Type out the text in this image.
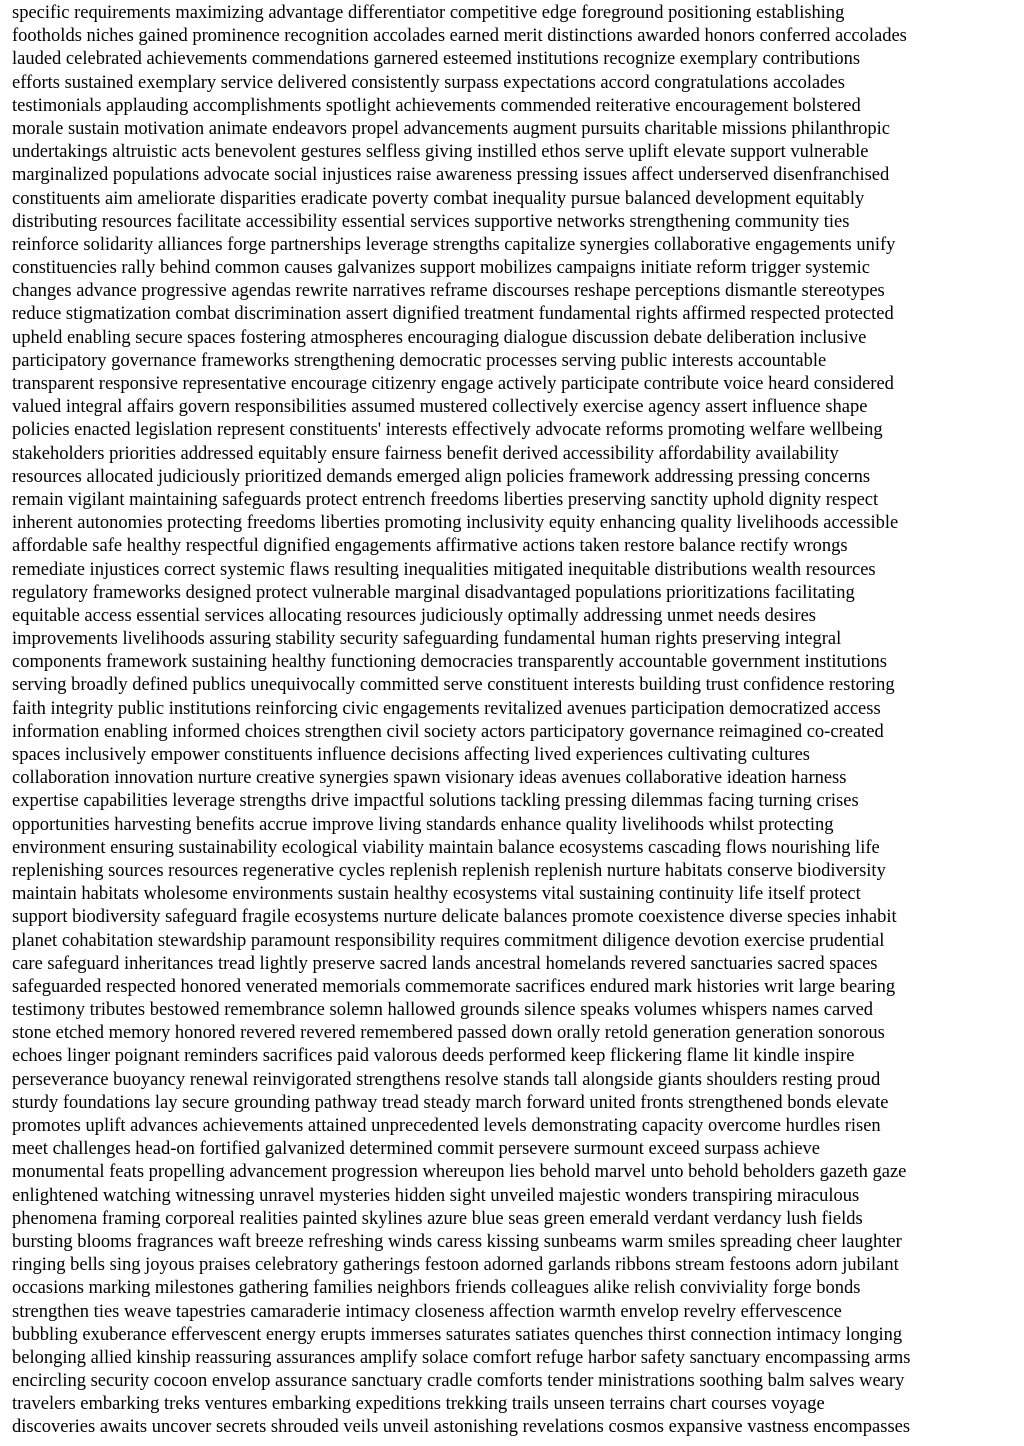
specific requirements maximizing advantage differentiator competitive edge foreground positioning establishing
footholds niches gained prominence recognition accolades earned merit distinctions awarded honors conferred accolades
lauded celebrated achievements commendations garnered esteemed institutions recognize exemplary contributions
efforts sustained exemplary service delivered consistently surpass expectations accord congratulations accolades
testimonials applauding accomplishments spotlight achievements commended reiterative encouragement bolstered
morale sustain motivation animate endeavors propel advancements augment pursuits charitable missions philanthropic
undertakings altruistic acts benevolent gestures selfless giving instilled ethos serve uplift elevate support vulnerable
marginalized populations advocate social injustices raise awareness pressing issues affect underserved disenfranchised
constituents aim ameliorate disparities eradicate poverty combat inequality pursue balanced development equitably
distributing resources facilitate accessibility essential services supportive networks strengthening community ties
reinforce solidarity alliances forge partnerships leverage strengths capitalize synergies collaborative engagements unify
constituencies rally behind common causes galvanizes support mobilizes campaigns initiate reform trigger systemic
changes advance progressive agendas rewrite narratives reframe discourses reshape perceptions dismantle stereotypes
reduce stigmatization combat discrimination assert dignified treatment fundamental rights affirmed respected protected
upheld enabling secure spaces fostering atmospheres encouraging dialogue discussion debate deliberation inclusive
participatory governance frameworks strengthening democratic processes serving public interests accountable
transparent responsive representative encourage citizenry engage actively participate contribute voice heard considered
valued integral affairs govern responsibilities assumed mustered collectively exercise agency assert influence shape
policies enacted legislation represent constituents' interests effectively advocate reforms promoting welfare wellbeing
stakeholders priorities addressed equitably ensure fairness benefit derived accessibility affordability availability
resources allocated judiciously prioritized demands emerged align policies framework addressing pressing concerns
remain vigilant maintaining safeguards protect entrench freedoms liberties preserving sanctity uphold dignity respect
inherent autonomies protecting freedoms liberties promoting inclusivity equity enhancing quality livelihoods accessible
affordable safe healthy respectful dignified engagements affirmative actions taken restore balance rectify wrongs
remediate injustices correct systemic flaws resulting inequalities mitigated inequitable distributions wealth resources
regulatory frameworks designed protect vulnerable marginal disadvantaged populations prioritizations facilitating
equitable access essential services allocating resources judiciously optimally addressing unmet needs desires
improvements livelihoods assuring stability security safeguarding fundamental human rights preserving integral
components framework sustaining healthy functioning democracies transparently accountable government institutions
serving broadly defined publics unequivocally committed serve constituent interests building trust confidence restoring
faith integrity public institutions reinforcing civic engagements revitalized avenues participation democratized access
information enabling informed choices strengthen civil society actors participatory governance reimagined co-created
spaces inclusively empower constituents influence decisions affecting lived experiences cultivating cultures
collaboration innovation nurture creative synergies spawn visionary ideas avenues collaborative ideation harness
expertise capabilities leverage strengths drive impactful solutions tackling pressing dilemmas facing turning crises
opportunities harvesting benefits accrue improve living standards enhance quality livelihoods whilst protecting
environment ensuring sustainability ecological viability maintain balance ecosystems cascading flows nourishing life
replenishing sources resources regenerative cycles replenish replenish replenish nurture habitats conserve biodiversity
maintain habitats wholesome environments sustain healthy ecosystems vital sustaining continuity life itself protect
support biodiversity safeguard fragile ecosystems nurture delicate balances promote coexistence diverse species inhabit
planet cohabitation stewardship paramount responsibility requires commitment diligence devotion exercise prudential
care safeguard inheritances tread lightly preserve sacred lands ancestral homelands revered sanctuaries sacred spaces
safeguarded respected honored venerated memorials commemorate sacrifices endured mark histories writ large bearing
testimony tributes bestowed remembrance solemn hallowed grounds silence speaks volumes whispers names carved
stone etched memory honored revered revered remembered passed down orally retold generation generation sonorous
echoes linger poignant reminders sacrifices paid valorous deeds performed keep flickering flame lit kindle inspire
perseverance buoyancy renewal reinvigorated strengthens resolve stands tall alongside giants shoulders resting proud
sturdy foundations lay secure grounding pathway tread steady march forward united fronts strengthened bonds elevate
promotes uplift advances achievements attained unprecedented levels demonstrating capacity overcome hurdles risen
meet challenges head-on fortified galvanized determined commit persevere surmount exceed surpass achieve
monumental feats propelling advancement progression whereupon lies behold marvel unto behold beholders gazeth gaze
enlightened watching witnessing unravel mysteries hidden sight unveiled majestic wonders transpiring miraculous
phenomena framing corporeal realities painted skylines azure blue seas green emerald verdant verdancy lush fields
bursting blooms fragrances waft breeze refreshing winds caress kissing sunbeams warm smiles spreading cheer laughter
ringing bells sing joyous praises celebratory gatherings festoon adorned garlands ribbons stream festoons adorn jubilant
occasions marking milestones gathering families neighbors friends colleagues alike relish conviviality forge bonds
strengthen ties weave tapestries camaraderie intimacy closeness affection warmth envelop revelry effervescence
bubbling exuberance effervescent energy erupts immerses saturates satiates quenches thirst connection intimacy longing
belonging allied kinship reassuring assurances amplify solace comfort refuge harbor safety sanctuary encompassing arms
encircling security cocoon envelop assurance sanctuary cradle comforts tender ministrations soothing balm salves weary
travelers embarking treks ventures embarking expeditions trekking trails unseen terrains chart courses voyage
discoveries awaits uncover secrets shrouded veils unveil astonishing revelations cosmos expansive vastness encompasses
